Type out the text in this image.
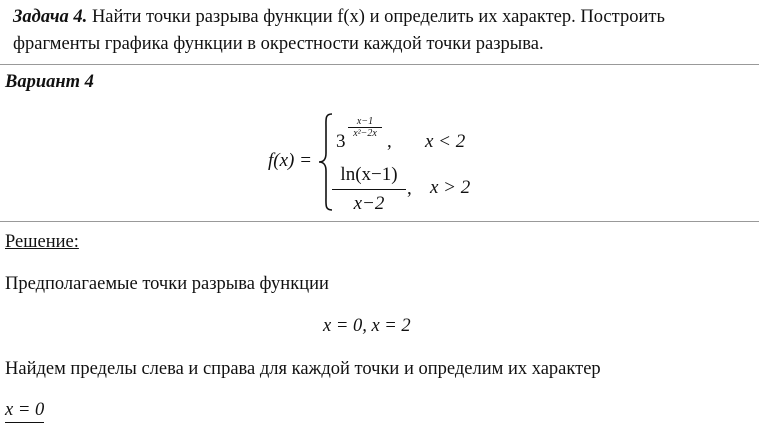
Задача 4. Найти точки разрыва функции f(x) и определить их характер. Построить фрагменты графика функции в окрестности каждой точки разрыва.
Вариант 4
f(x) =
3
x−1
x²−2x , x < 2
ln(x−1)
x−2
, x > 2
Решение:
Предполагаемые точки разрыва функции
x = 0, x = 2
Найдем пределы слева и справа для каждой точки и определим их характер
x = 0
